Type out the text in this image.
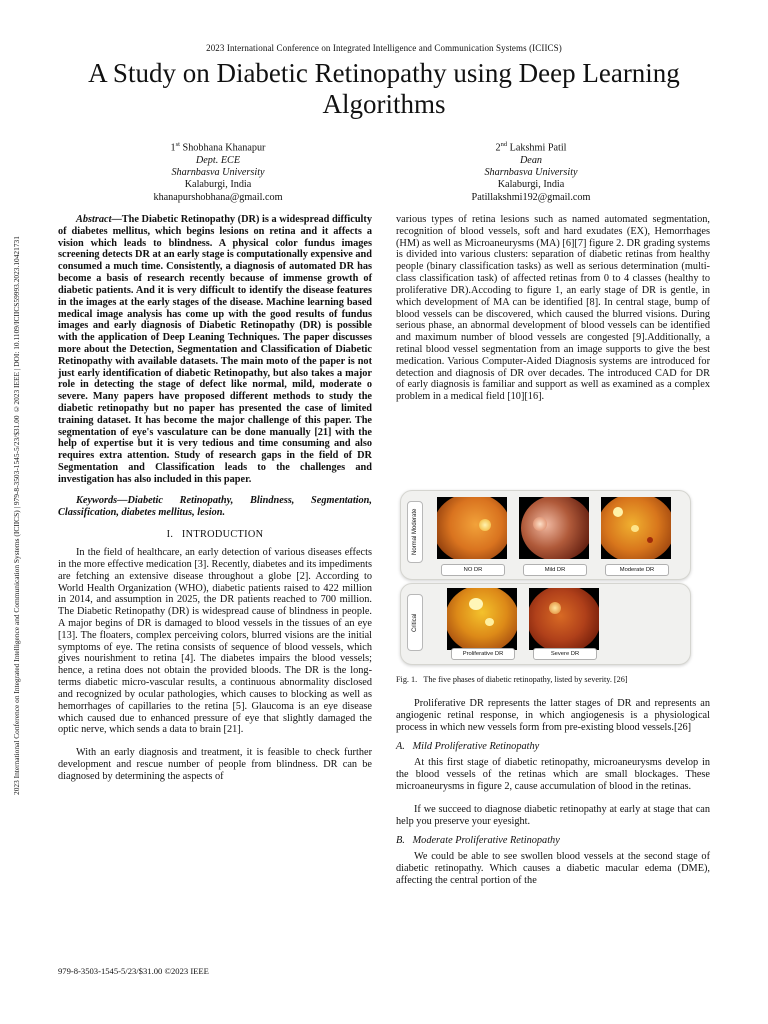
2023 International Conference on Integrated Intelligence and Communication Systems (ICIICS)
A Study on Diabetic Retinopathy using Deep Learning Algorithms
2023 International Conference on Integrated Intelligence and Communication Systems (ICIICS) | 979-8-3503-1545-5/23/$31.00 ©2023 IEEE | DOI: 10.1109/ICIICS59993.2023.10421731
1st Shobhana Khanapur
Dept. ECE
Sharnbasva University
Kalaburgi, India
khanapurshobhana@gmail.com
2nd Lakshmi Patil
Dean
Sharnbasva University
Kalaburgi, India
Patillakshmi192@gmail.com

Abstract—The Diabetic Retinopathy (DR) is a widespread difficulty of diabetes mellitus, which begins lesions on retina and it affects a vision which leads to blindness. A physical color fundus images screening detects DR at an early stage is computationally expensive and consumed a much time. Consistently, a diagnosis of automated DR has become a basis of research recently because of immense growth of diabetic patients. And it is very difficult to identify the disease features in the images at the early stages of the disease. Machine learning based medical image analysis has come up with the good results of fundus images and early diagnosis of Diabetic Retinopathy (DR) is possible with the application of Deep Leaning Techniques. The paper discusses more about the Detection, Segmentation and Classification of Diabetic Retinopathy with available datasets. The main moto of the paper is not just early identification of diabetic Retinopathy, but also takes a major role in detecting the stage of defect like normal, mild, moderate o severe. Many papers have proposed different methods to study the diabetic retinopathy but no paper has presented the case of limited training dataset. It has become the major challenge of this paper. The segmentation of eye's vasculature can be done manually [21] with the help of expertise but it is very tedious and time consuming and also requires extra attention. Study of research gaps in the field of DR Segmentation and Classification leads to the challenges and investigation has also included in this paper.

Keywords—Diabetic Retinopathy, Blindness, Segmentation, Classification, diabetes mellitus, lesion.

I. INTRODUCTION

In the field of healthcare, an early detection of various diseases effects in the more effective medication [3]. Recently, diabetes and its impediments are fetching an extensive disease throughout a globe [2]. According to World Health Organization (WHO), diabetic patients raised to 422 million in 2014, and assumption in 2025, the DR patients reached to 700 million. The Diabetic Retinopathy (DR) is widespread cause of blindness in people. A major begins of DR is damaged to blood vessels in the tissues of an eye [13]. The floaters, complex perceiving colors, blurred visions are the initial symptoms of eye. The retina consists of sequence of blood vessels, which gives nourishment to retina [4]. The diabetes impairs the blood vessels; hence, a retina does not obtain the provided bloods. The DR is the long-terms diabetic micro-vascular results, a continuous abnormality disclosed and recognized by ocular pathologies, which causes to blocking as well as hemorrhages of capillaries to the retina [5]. Glaucoma is an eye disease which caused due to enhanced pressure of eye that slightly damaged the optic nerve, which sends a data to brain [21].

With an early diagnosis and treatment, it is feasible to check further development and rescue number of people from blindness. DR can be diagnosed by determining the aspects of

various types of retina lesions such as named automated segmentation, recognition of blood vessels, soft and hard exudates (EX), Hemorrhages (HM) as well as Microaneurysms (MA) [6][7] figure 2. DR grading systems is divided into various clusters: separation of diabetic retinas from healthy people (binary classification tasks) as well as serious determination (multi-class classification task) of affected retinas from 0 to 4 classes (healthy to proliferative DR).Accoding to figure 1, an early stage of DR is gentle, in which development of MA can be identified [8]. In central stage, bump of blood vessels can be discovered, which caused the blurred visions. During serious phase, an abnormal development of blood vessels can be identified and maximum number of blood vessels are congested [9].Additionally, a retinal blood vessel segmentation from an image supports to give the best medication. Various Computer-Aided Diagnosis systems are introduced for detection and diagnosis of DR over decades. The introduced CAD for DR of early diagnosis is familiar and support as well as examined as a complex problem in a medical field [10][16].

Normal Moderate
NO DR	Mild DR	Moderate DR
Critical
Proliferative DR	Severe DR
Fig. 1. The five phases of diabetic retinopathy, listed by severity. [26]

Proliferative DR represents the latter stages of DR and represents an angiogenic retinal response, in which angiogenesis is a physiological process in which new vessels form from pre-existing blood vessels.[26]

A. Mild Proliferative Retinopathy

At this first stage of diabetic retinopathy, microaneurysms develop in the blood vessels of the retinas which are small blockages. These microaneurysms in figure 2, cause accumulation of blood in the retinas.

If we succeed to diagnose diabetic retinopathy at early at stage that can help you preserve your eyesight.

B. Moderate Proliferative Retinopathy

We could be able to see swollen blood vessels at the second stage of diabetic retinopathy. Which causes a diabetic macular edema (DME), affecting the central portion of the

979-8-3503-1545-5/23/$31.00 ©2023 IEEE
